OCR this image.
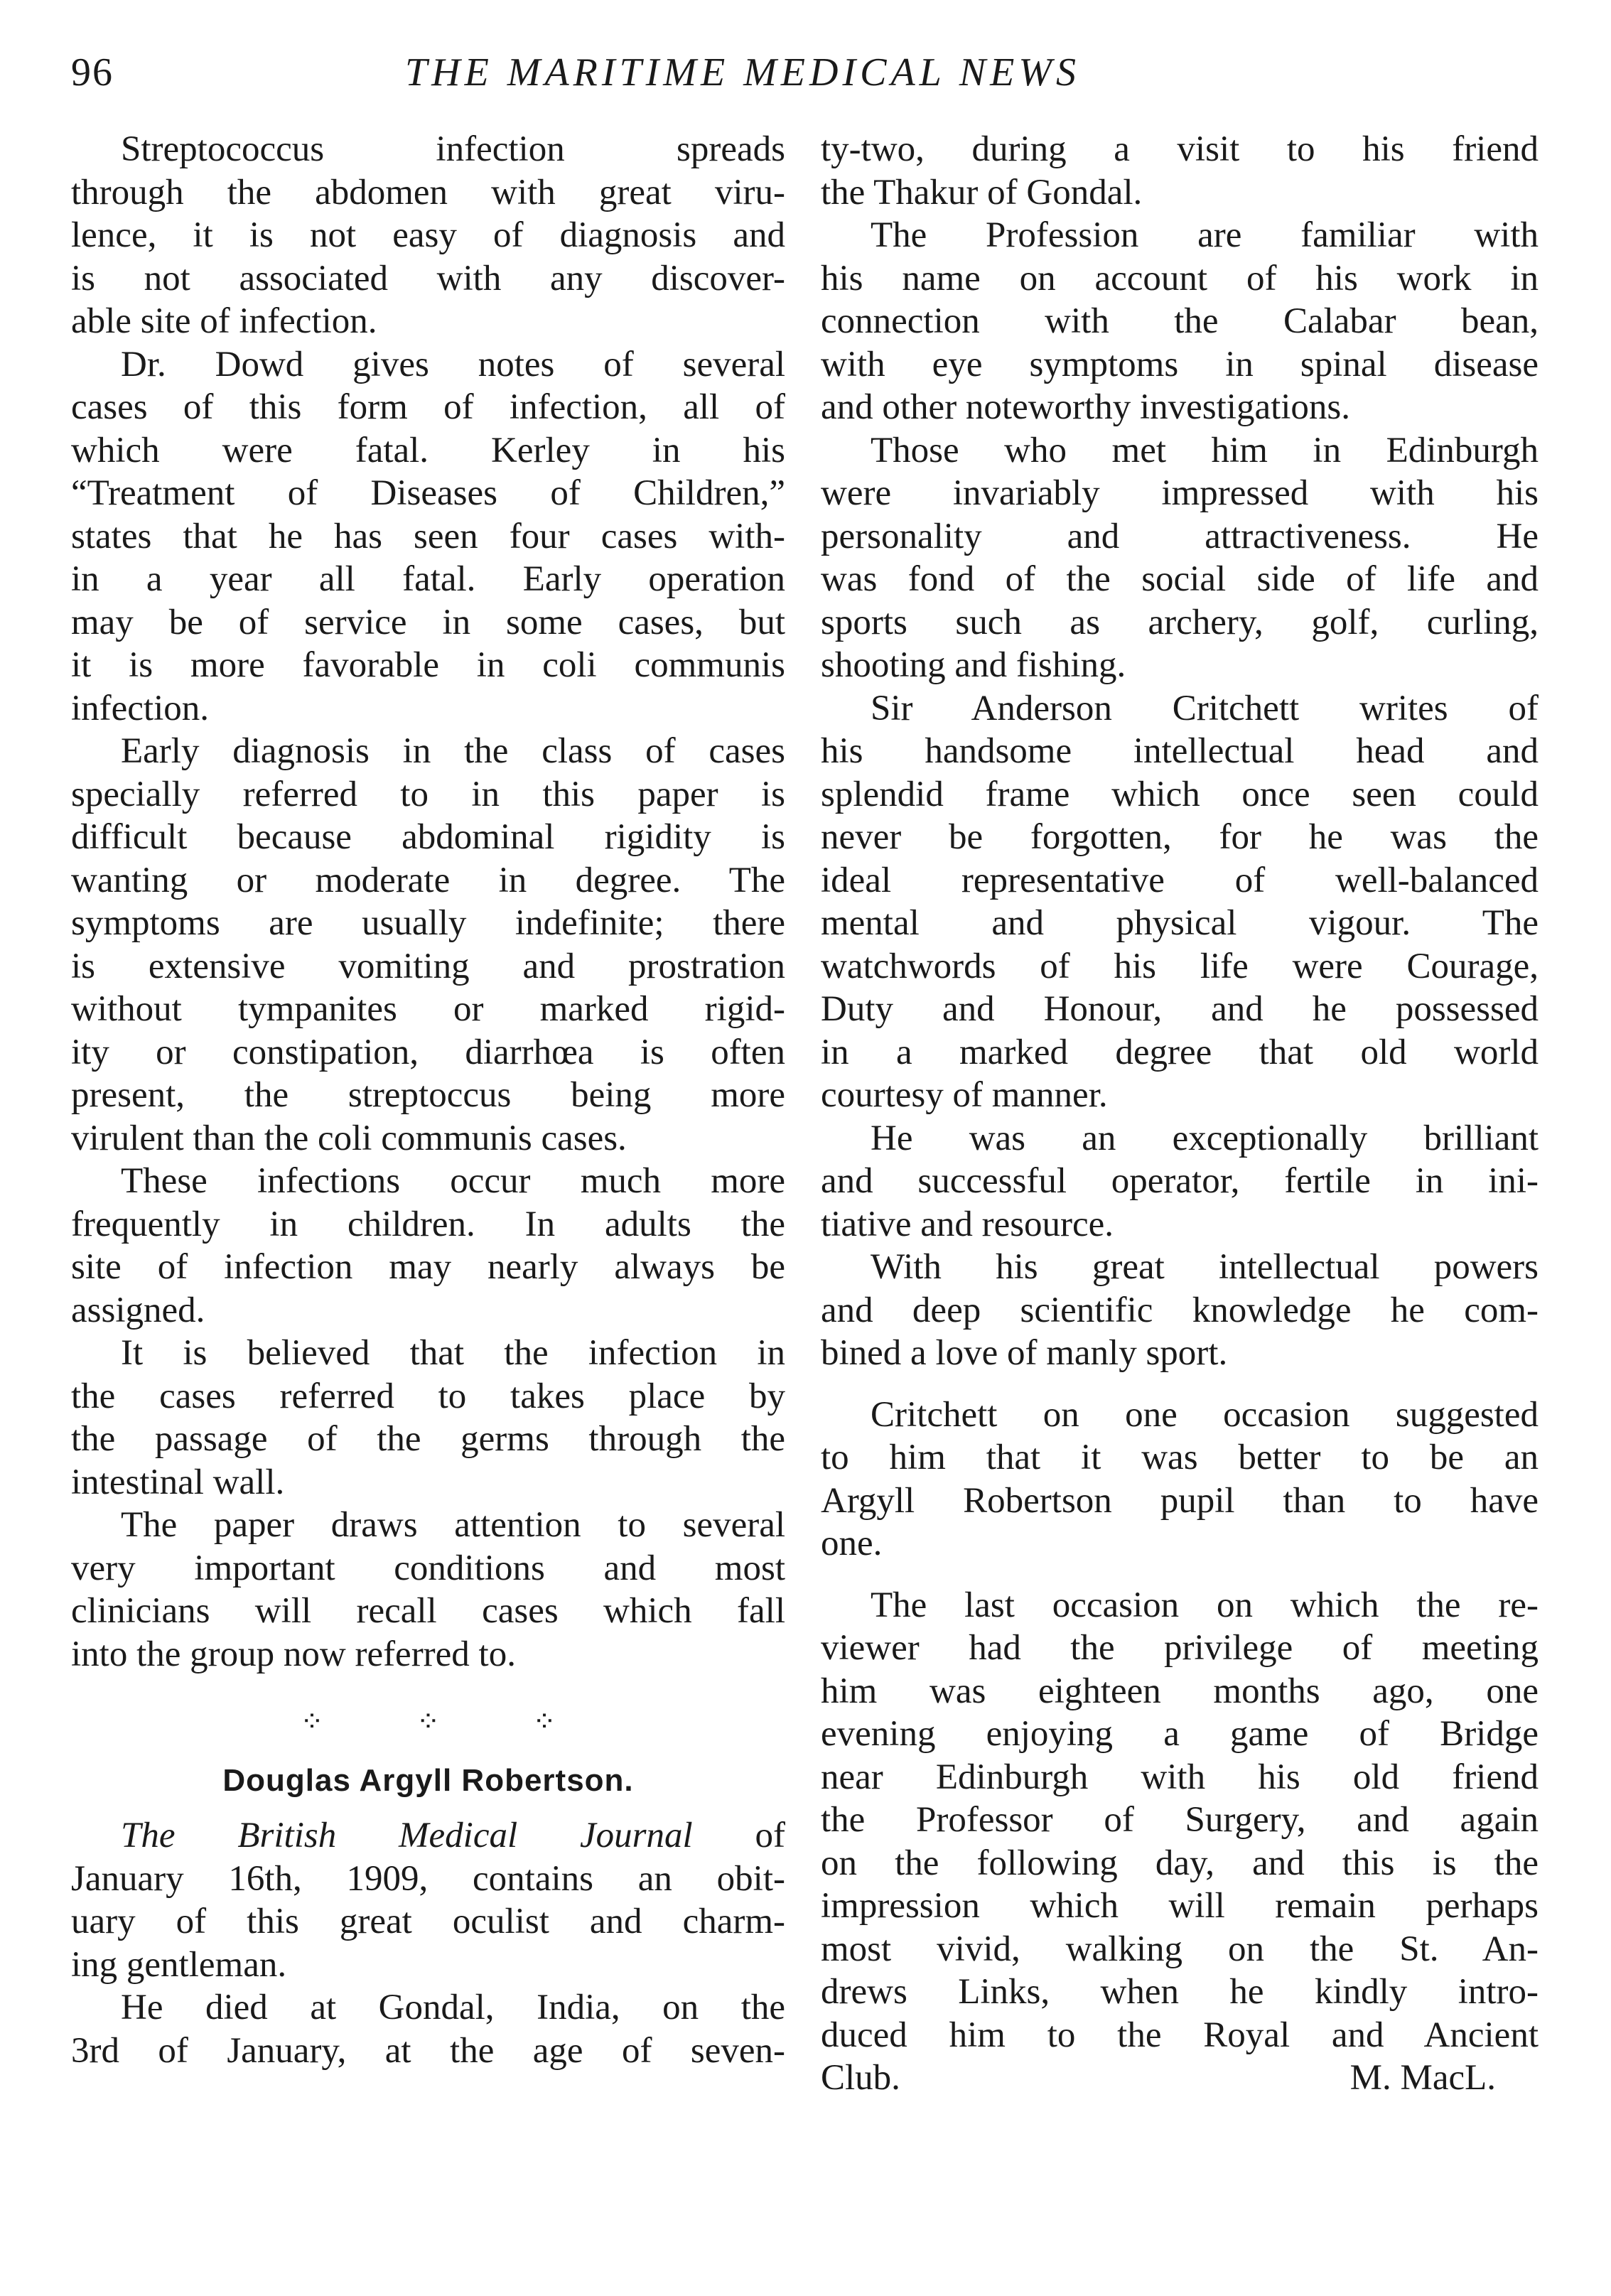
96	THE MARITIME MEDICAL NEWS
Streptococcus infection spreads
through the abdomen with great viru-
lence, it is not easy of diagnosis and
is not associated with any discover-
able site of infection.
Dr. Dowd gives notes of several
cases of this form of infection, all of
which were fatal. Kerley in his
“Treatment of Diseases of Children,”
states that he has seen four cases with-
in a year all fatal. Early operation
may be of service in some cases, but
it is more favorable in coli communis
infection.
Early diagnosis in the class of cases
specially referred to in this paper is
difficult because abdominal rigidity is
wanting or moderate in degree. The
symptoms are usually indefinite; there
is extensive vomiting and prostration
without tympanites or marked rigid-
ity or constipation, diarrhœa is often
present, the streptoccus being more
virulent than the coli communis cases.
These infections occur much more
frequently in children. In adults the
site of infection may nearly always be
assigned.
It is believed that the infection in
the cases referred to takes place by
the passage of the germs through the
intestinal wall.
The paper draws attention to several
very important conditions and most
clinicians will recall cases which fall
into the group now referred to.
⁘ ⁘ ⁘
Douglas Argyll Robertson.
The British Medical Journal of
January 16th, 1909, contains an obit-
uary of this great oculist and charm-
ing gentleman.
He died at Gondal, India, on the
3rd of January, at the age of seven-
ty-two, during a visit to his friend
the Thakur of Gondal.
The Profession are familiar with
his name on account of his work in
connection with the Calabar bean,
with eye symptoms in spinal disease
and other noteworthy investigations.
Those who met him in Edinburgh
were invariably impressed with his
personality and attractiveness. He
was fond of the social side of life and
sports such as archery, golf, curling,
shooting and fishing.
Sir Anderson Critchett writes of
his handsome intellectual head and
splendid frame which once seen could
never be forgotten, for he was the
ideal representative of well-balanced
mental and physical vigour. The
watchwords of his life were Courage,
Duty and Honour, and he possessed
in a marked degree that old world
courtesy of manner.
He was an exceptionally brilliant
and successful operator, fertile in ini-
tiative and resource.
With his great intellectual powers
and deep scientific knowledge he com-
bined a love of manly sport.
Critchett on one occasion suggested
to him that it was better to be an
Argyll Robertson pupil than to have
one.
The last occasion on which the re-
viewer had the privilege of meeting
him was eighteen months ago, one
evening enjoying a game of Bridge
near Edinburgh with his old friend
the Professor of Surgery, and again
on the following day, and this is the
impression which will remain perhaps
most vivid, walking on the St. An-
drews Links, when he kindly intro-
duced him to the Royal and Ancient
Club.	M. MacL.
